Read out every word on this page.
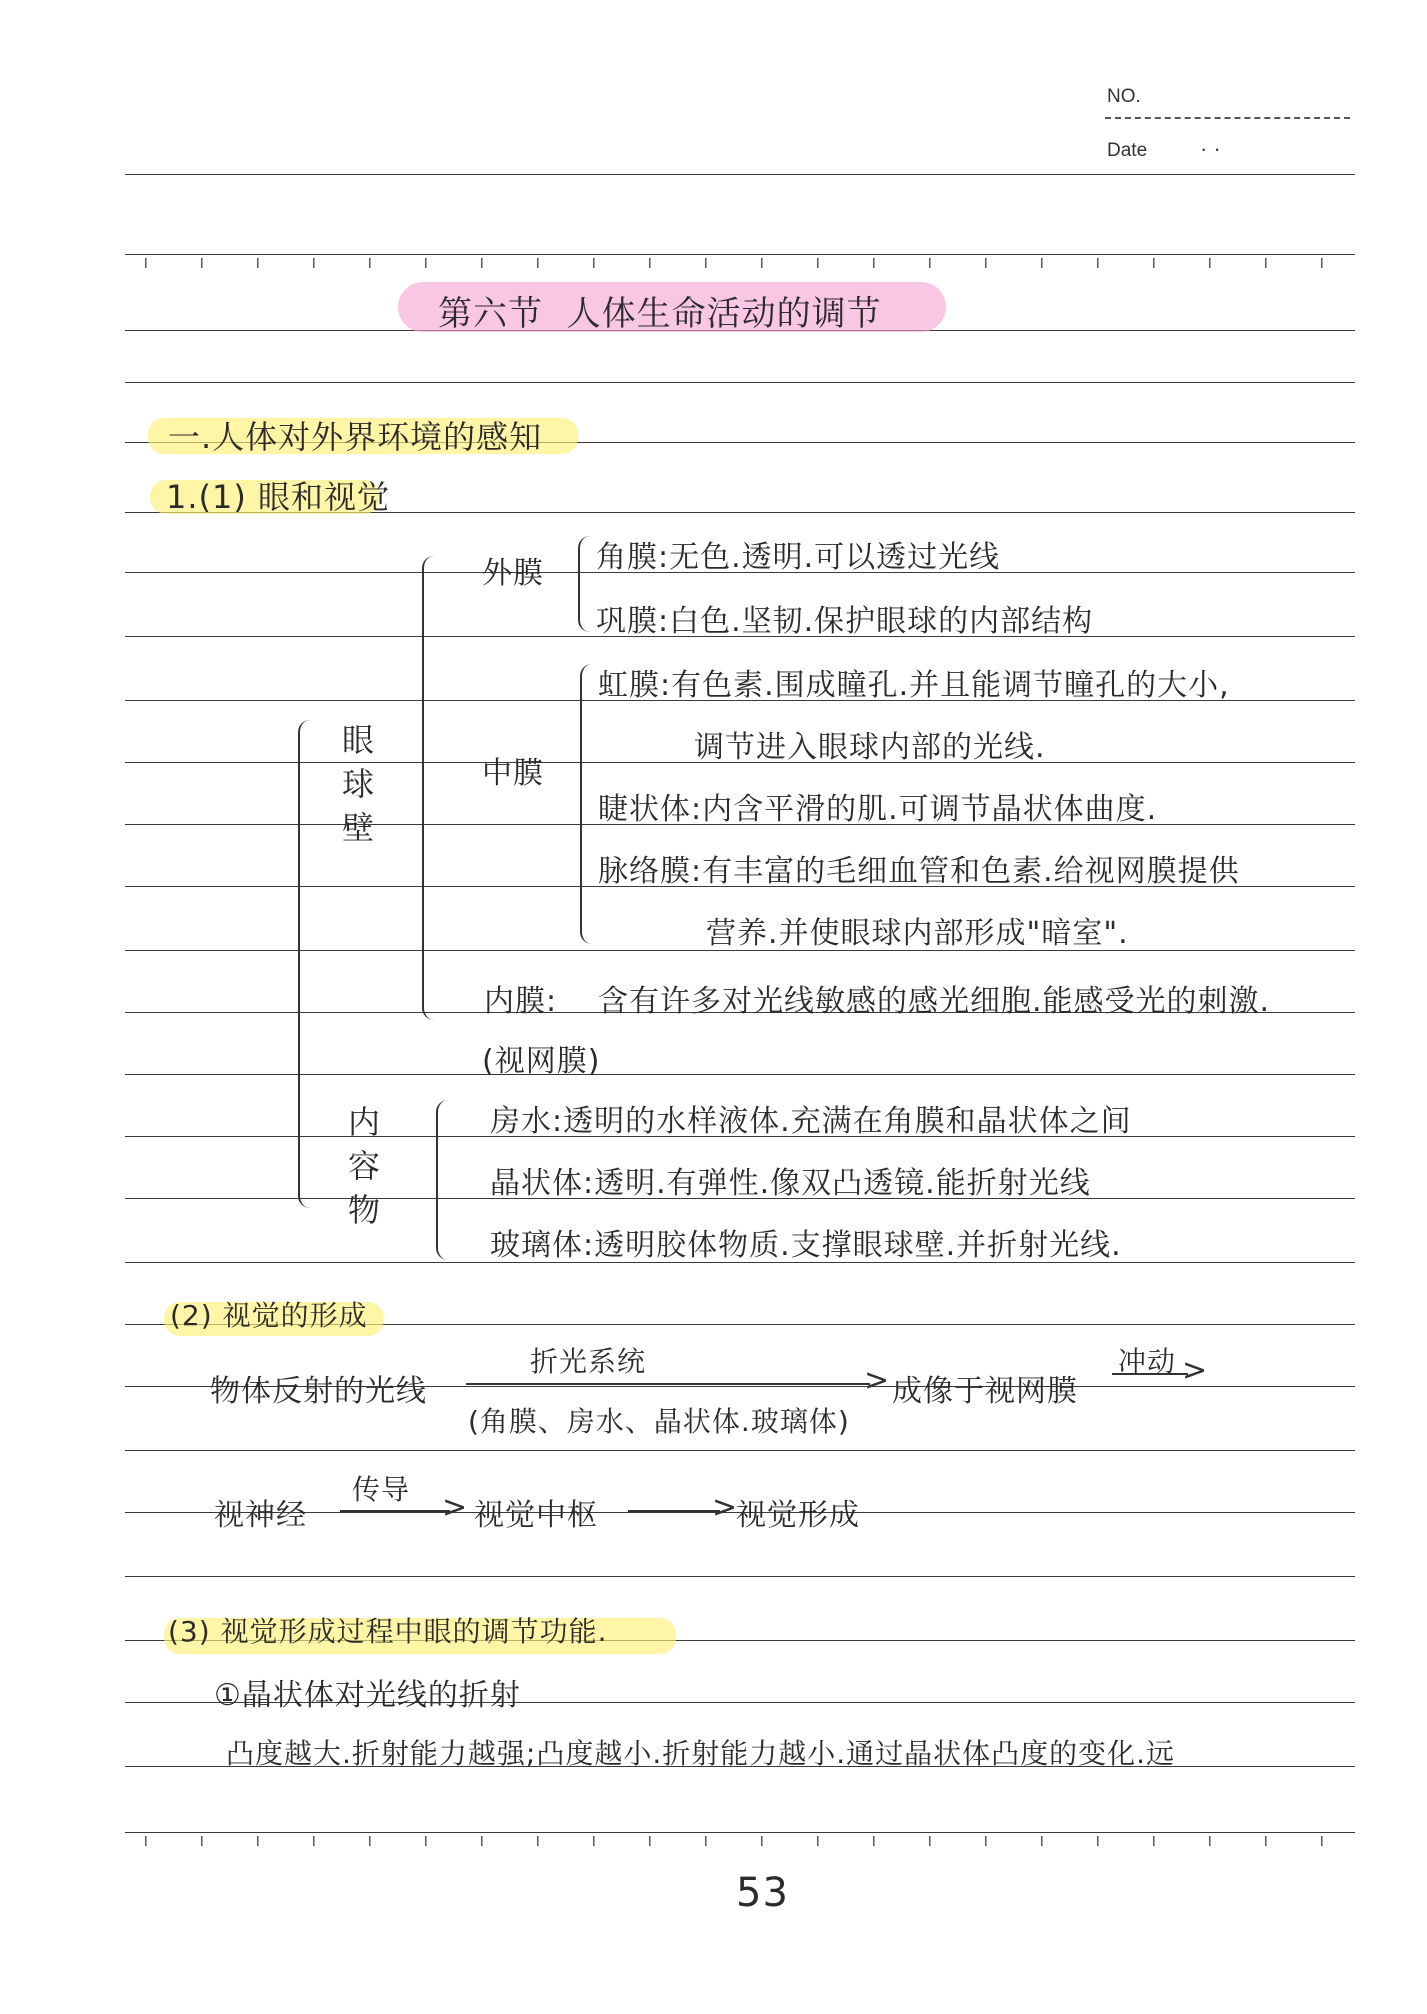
NO.
Date · ·
第六节  人体生命活动的调节
一.人体对外界环境的感知
1.(1) 眼和视觉
眼球壁
外膜 角膜:无色.透明.可以透过光线
巩膜:白色.坚韧.保护眼球的内部结构
中膜
虹膜:有色素.围成瞳孔.并且能调节瞳孔的大小,
调节进入眼球内部的光线.
睫状体:内含平滑的肌.可调节晶状体曲度.
脉络膜:有丰富的毛细血管和色素.给视网膜提供
营养.并使眼球内部形成"暗室".
内膜: 含有许多对光线敏感的感光细胞.能感受光的刺激.
(视网膜)
内容物
房水:透明的水样液体.充满在角膜和晶状体之间
晶状体:透明.有弹性.像双凸透镜.能折射光线
玻璃体:透明胶体物质.支撑眼球壁.并折射光线.
(2) 视觉的形成
物体反射的光线
折光系统
>
(角膜、房水、晶状体.玻璃体)
成像于视网膜
冲动 >
视神经
传导
> 视觉中枢	>
视觉形成
(3) 视觉形成过程中眼的调节功能.
①晶状体对光线的折射
凸度越大.折射能力越强;凸度越小.折射能力越小.通过晶状体凸度的变化.远
53
